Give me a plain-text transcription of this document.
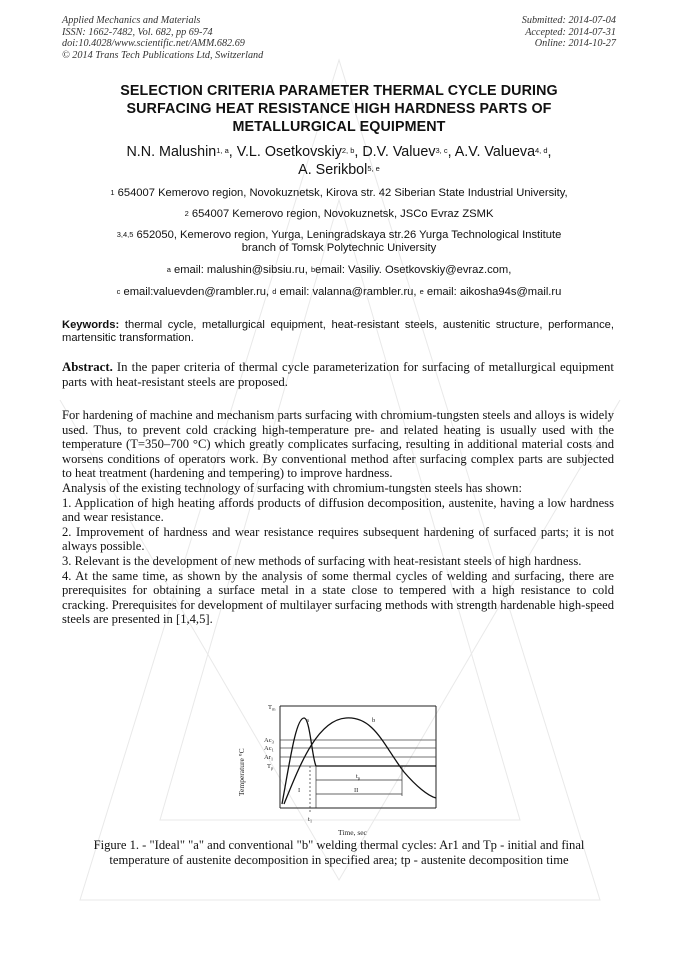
Applied Mechanics and Materials
ISSN: 1662-7482, Vol. 682, pp 69-74
doi:10.4028/www.scientific.net/AMM.682.69
© 2014 Trans Tech Publications Ltd, Switzerland
Submitted: 2014-07-04
Accepted: 2014-07-31
Online: 2014-10-27
SELECTION CRITERIA PARAMETER THERMAL CYCLE DURING
SURFACING HEAT RESISTANCE HIGH HARDNESS PARTS OF
METALLURGICAL EQUIPMENT
N.N. Malushin$^{1, a}$, V.L. Osetkovskiy$^{2, b}$, D.V. Valuev$^{3, c}$, A.V. Valueva$^{4, d}$,
A. Serikbol$^{5, e}$
$^1$ 654007 Kemerovo region, Novokuznetsk, Kirova str. 42 Siberian State Industrial University,
$^2$ 654007 Kemerovo region, Novokuznetsk, JSCo Evraz ZSMK
$^{3,4,5}$ 652050, Kemerovo region, Yurga, Leningradskaya str.26 Yurga Technological Institute
branch of Tomsk Polytechnic University
$^a$ email: malushin@sibsiu.ru, $^b$email: Vasiliy. Osetkovskiy@evraz.com,
$^c$ email:valuevden@rambler.ru, $^d$ email: valanna@rambler.ru, $^e$ email: aikosha94s@mail.ru
Keywords: thermal cycle, metallurgical equipment, heat-resistant steels, austenitic structure, performance, martensitic transformation.
Abstract. In the paper criteria of thermal cycle parameterization for surfacing of metallurgical equipment parts with heat-resistant steels are proposed.

For hardening of machine and mechanism parts surfacing with chromium-tungsten steels and alloys is widely used. Thus, to prevent cold cracking high-temperature pre- and related heating is usually used with the temperature (T=350–700 °C) which greatly complicates surfacing, resulting in additional material costs and worsens conditions of operators work. By conventional method after surfacing complex parts are subjected to heat treatment (hardening and tempering) to improve hardness.

Analysis of the existing technology of surfacing with chromium-tungsten steels has shown:

1. Application of high heating affords products of diffusion decomposition, austenite, having a low hardness and wear resistance.

2. Improvement of hardness and wear resistance requires subsequent hardening of surfaced parts; it is not always possible.

3. Relevant is the development of new methods of surfacing with heat-resistant steels of high hardness.

4. At the same time, as shown by the analysis of some thermal cycles of welding and surfacing, there are prerequisites for obtaining a surface metal in a state close to tempered with a high resistance to cold cracking. Prerequisites for development of multilayer surfacing methods with strength hardenable high-speed steels are presented in [1,4,5].

$T_m$
$Ac_3$
$Ac_1$
$Ar_1$
$T_p$
a	b
I	II
$t_p$
$t_1$
Time, sec
Temperature °C
Figure 1. - "Ideal" "a" and conventional "b" welding thermal cycles: Ar1 and Tp - initial and final
temperature of austenite decomposition in specified area; tp - austenite decomposition time
